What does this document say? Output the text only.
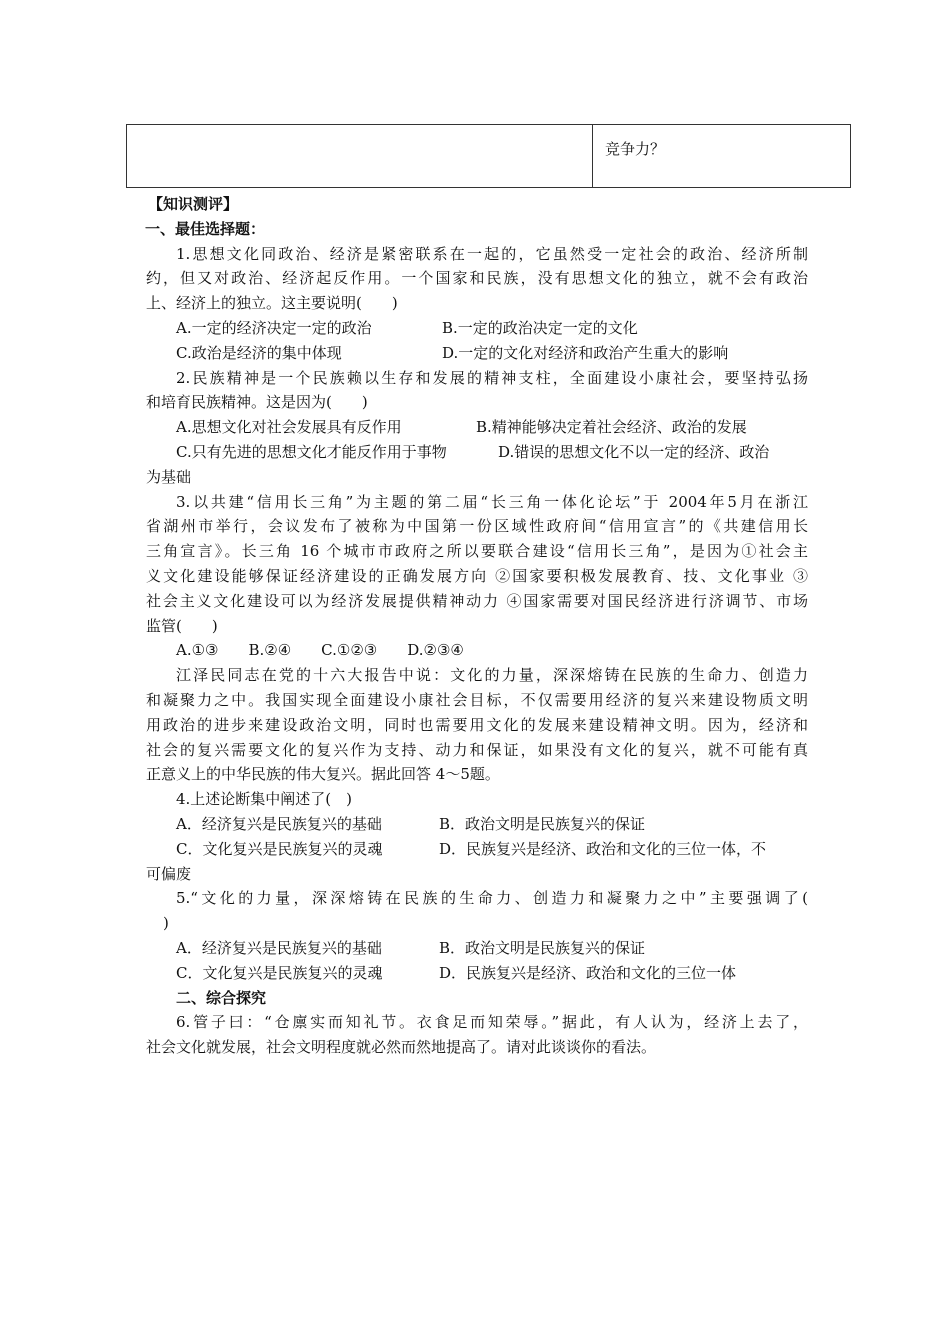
竞争力？
【知识测评】
一、最佳选择题：
1.思想文化同政治、经济是紧密联系在一起的，它虽然受一定社会的政治、经济所制
约，但又对政治、经济起反作用。一个国家和民族，没有思想文化的独立，就不会有政治
上、经济上的独立。这主要说明(　　)
A.一定的经济决定一定的政治	B.一定的政治决定一定的文化
C.政治是经济的集中体现	D.一定的文化对经济和政治产生重大的影响
2.民族精神是一个民族赖以生存和发展的精神支柱，全面建设小康社会，要坚持弘扬
和培育民族精神。这是因为(　　)
A.思想文化对社会发展具有反作用	B.精神能够决定着社会经济、政治的发展
C.只有先进的思想文化才能反作用于事物	D.错误的思想文化不以一定的经济、政治
为基础
3.以共建“信用长三角”为主题的第二届“长三角一体化论坛”于 2004年5月在浙江
省湖州市举行，会议发布了被称为中国第一份区域性政府间“信用宣言”的《共建信用长
三角宣言》。长三角 16 个城市市政府之所以要联合建设“信用长三角”，是因为①社会主
义文化建设能够保证经济建设的正确发展方向 ②国家要积极发展教育、技、文化事业 ③
社会主义文化建设可以为经济发展提供精神动力 ④国家需要对国民经济进行济调节、市场
监管(　　)
A.①③　　B.②④　　C.①②③　　D.②③④
江泽民同志在党的十六大报告中说：文化的力量，深深熔铸在民族的生命力、创造力
和凝聚力之中。我国实现全面建设小康社会目标，不仅需要用经济的复兴来建设物质文明
用政治的进步来建设政治文明，同时也需要用文化的发展来建设精神文明。因为，经济和
社会的复兴需要文化的复兴作为支持、动力和保证，如果没有文化的复兴，就不可能有真
正意义上的中华民族的伟大复兴。据此回答 4～5题。
4.上述论断集中阐述了(　)
A．经济复兴是民族复兴的基础	B．政治文明是民族复兴的保证
C．文化复兴是民族复兴的灵魂	D．民族复兴是经济、政治和文化的三位一体，不
可偏废
5.“文化的力量，深深熔铸在民族的生命力、创造力和凝聚力之中”主要强调了(
)
A．经济复兴是民族复兴的基础	B．政治文明是民族复兴的保证
C．文化复兴是民族复兴的灵魂	D．民族复兴是经济、政治和文化的三位一体
二、综合探究
6.管子曰：“仓廪实而知礼节。衣食足而知荣辱。”据此，有人认为，经济上去了，
社会文化就发展，社会文明程度就必然而然地提高了。请对此谈谈你的看法。
